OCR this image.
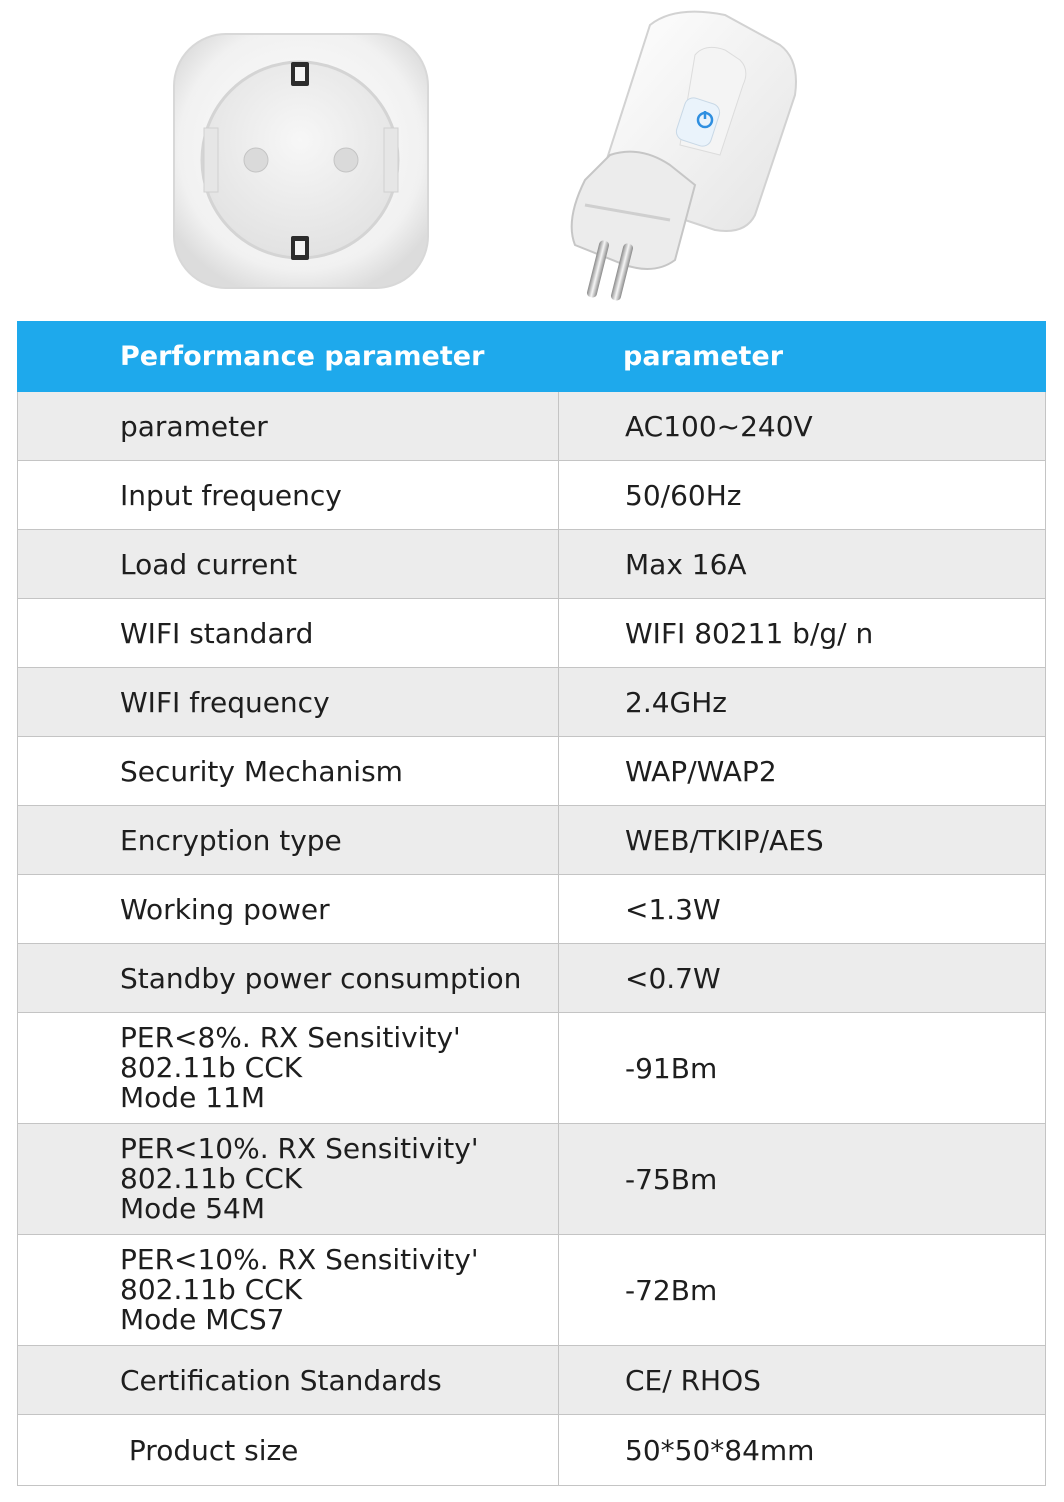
Performance parameter	parameter
parameter	AC100~240V
Input frequency	50/60Hz
Load current	Max 16A
WIFI standard	WIFI 80211 b/g/ n
WIFI frequency	2.4GHz
Security Mechanism	WAP/WAP2
Encryption type	WEB/TKIP/AES
Working power	<1.3W
Standby power consumption	<0.7W
PER<8%. RX Sensitivity'
802.11b CCK
Mode 11M	-91Bm
PER<10%. RX Sensitivity'
802.11b CCK
Mode 54M	-75Bm
PER<10%. RX Sensitivity'
802.11b CCK
Mode MCS7	-72Bm
Certification Standards	CE/ RHOS
Product size	50*50*84mm
